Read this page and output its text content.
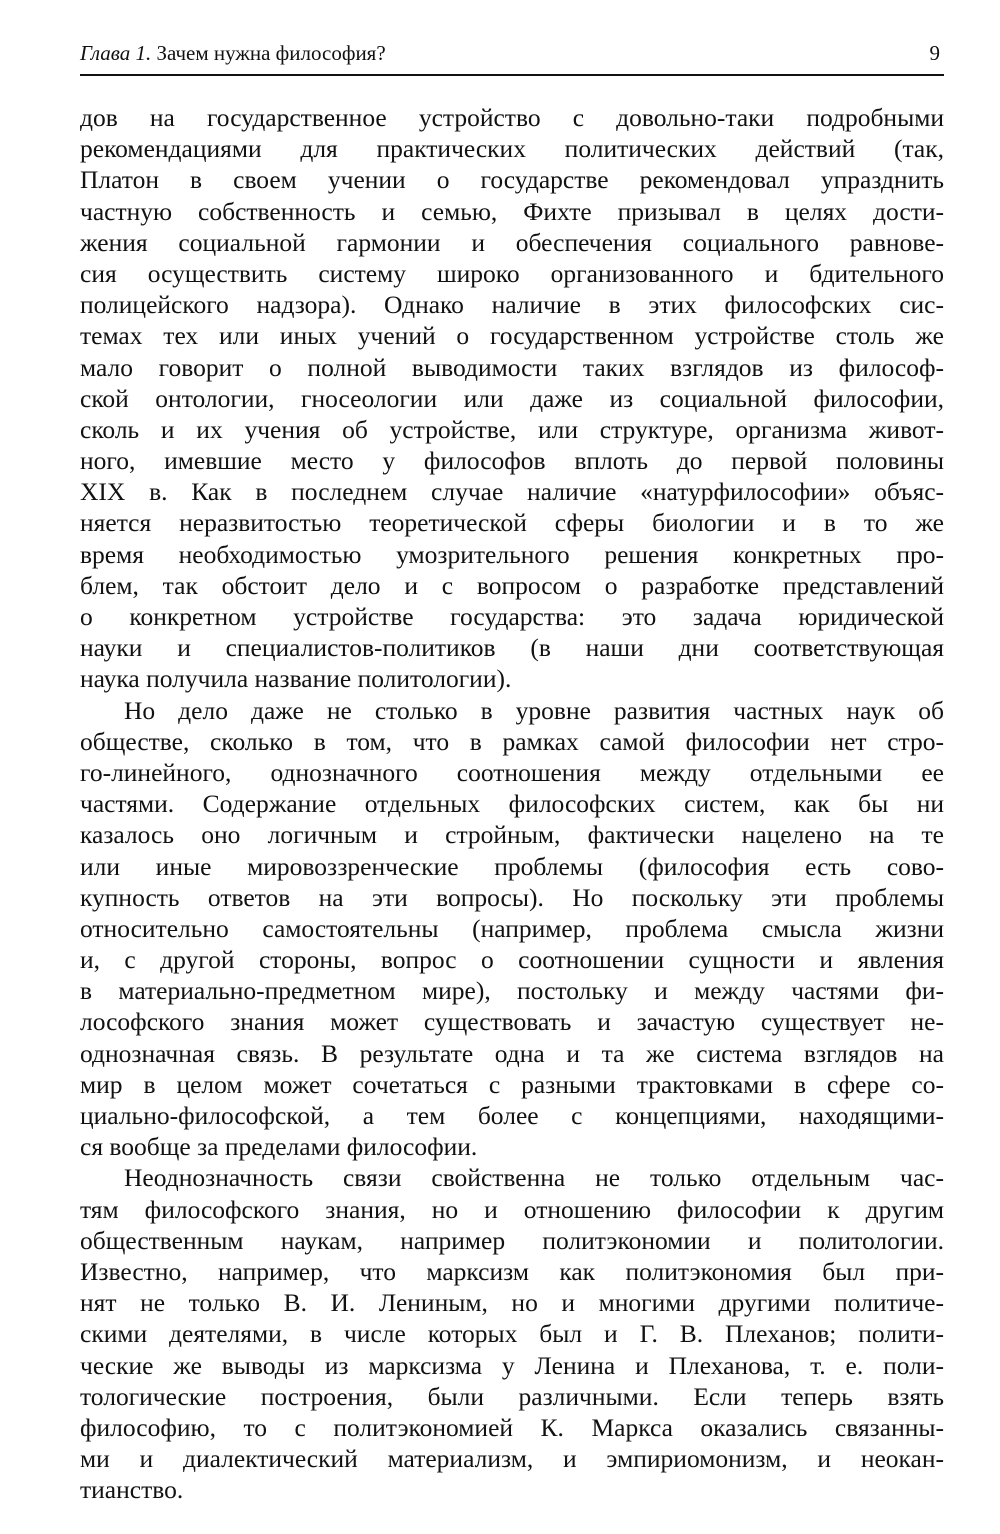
Глава 1. Зачем нужна философия?	9
дов на государственное устройство с довольно-таки подробными
рекомендациями для практических политических действий (так,
Платон в своем учении о государстве рекомендовал упразднить
частную собственность и семью, Фихте призывал в целях дости-
жения социальной гармонии и обеспечения социального равнове-
сия осуществить систему широко организованного и бдительного
полицейского надзора). Однако наличие в этих философских сис-
темах тех или иных учений о государственном устройстве столь же
мало говорит о полной выводимости таких взглядов из философ-
ской онтологии, гносеологии или даже из социальной философии,
сколь и их учения об устройстве, или структуре, организма живот-
ного, имевшие место у философов вплоть до первой половины
XIX в. Как в последнем случае наличие «натурфилософии» объяс-
няется неразвитостью теоретической сферы биологии и в то же
время необходимостью умозрительного решения конкретных про-
блем, так обстоит дело и с вопросом о разработке представлений
о конкретном устройстве государства: это задача юридической
науки и специалистов-политиков (в наши дни соответствующая
наука получила название политологии).
Но дело даже не столько в уровне развития частных наук об
обществе, сколько в том, что в рамках самой философии нет стро-
го-линейного, однозначного соотношения между отдельными ее
частями. Содержание отдельных философских систем, как бы ни
казалось оно логичным и стройным, фактически нацелено на те
или иные мировоззренческие проблемы (философия есть сово-
купность ответов на эти вопросы). Но поскольку эти проблемы
относительно самостоятельны (например, проблема смысла жизни
и, с другой стороны, вопрос о соотношении сущности и явления
в материально-предметном мире), постольку и между частями фи-
лософского знания может существовать и зачастую существует не-
однозначная связь. В результате одна и та же система взглядов на
мир в целом может сочетаться с разными трактовками в сфере со-
циально-философской, а тем более с концепциями, находящими-
ся вообще за пределами философии.
Неоднозначность связи свойственна не только отдельным час-
тям философского знания, но и отношению философии к другим
общественным наукам, например политэкономии и политологии.
Известно, например, что марксизм как политэкономия был при-
нят не только В. И. Лениным, но и многими другими политиче-
скими деятелями, в числе которых был и Г. В. Плеханов; полити-
ческие же выводы из марксизма у Ленина и Плеханова, т. е. поли-
тологические построения, были различными. Если теперь взять
философию, то с политэкономией К. Маркса оказались связанны-
ми и диалектический материализм, и эмпириомонизм, и неокан-
тианство.
